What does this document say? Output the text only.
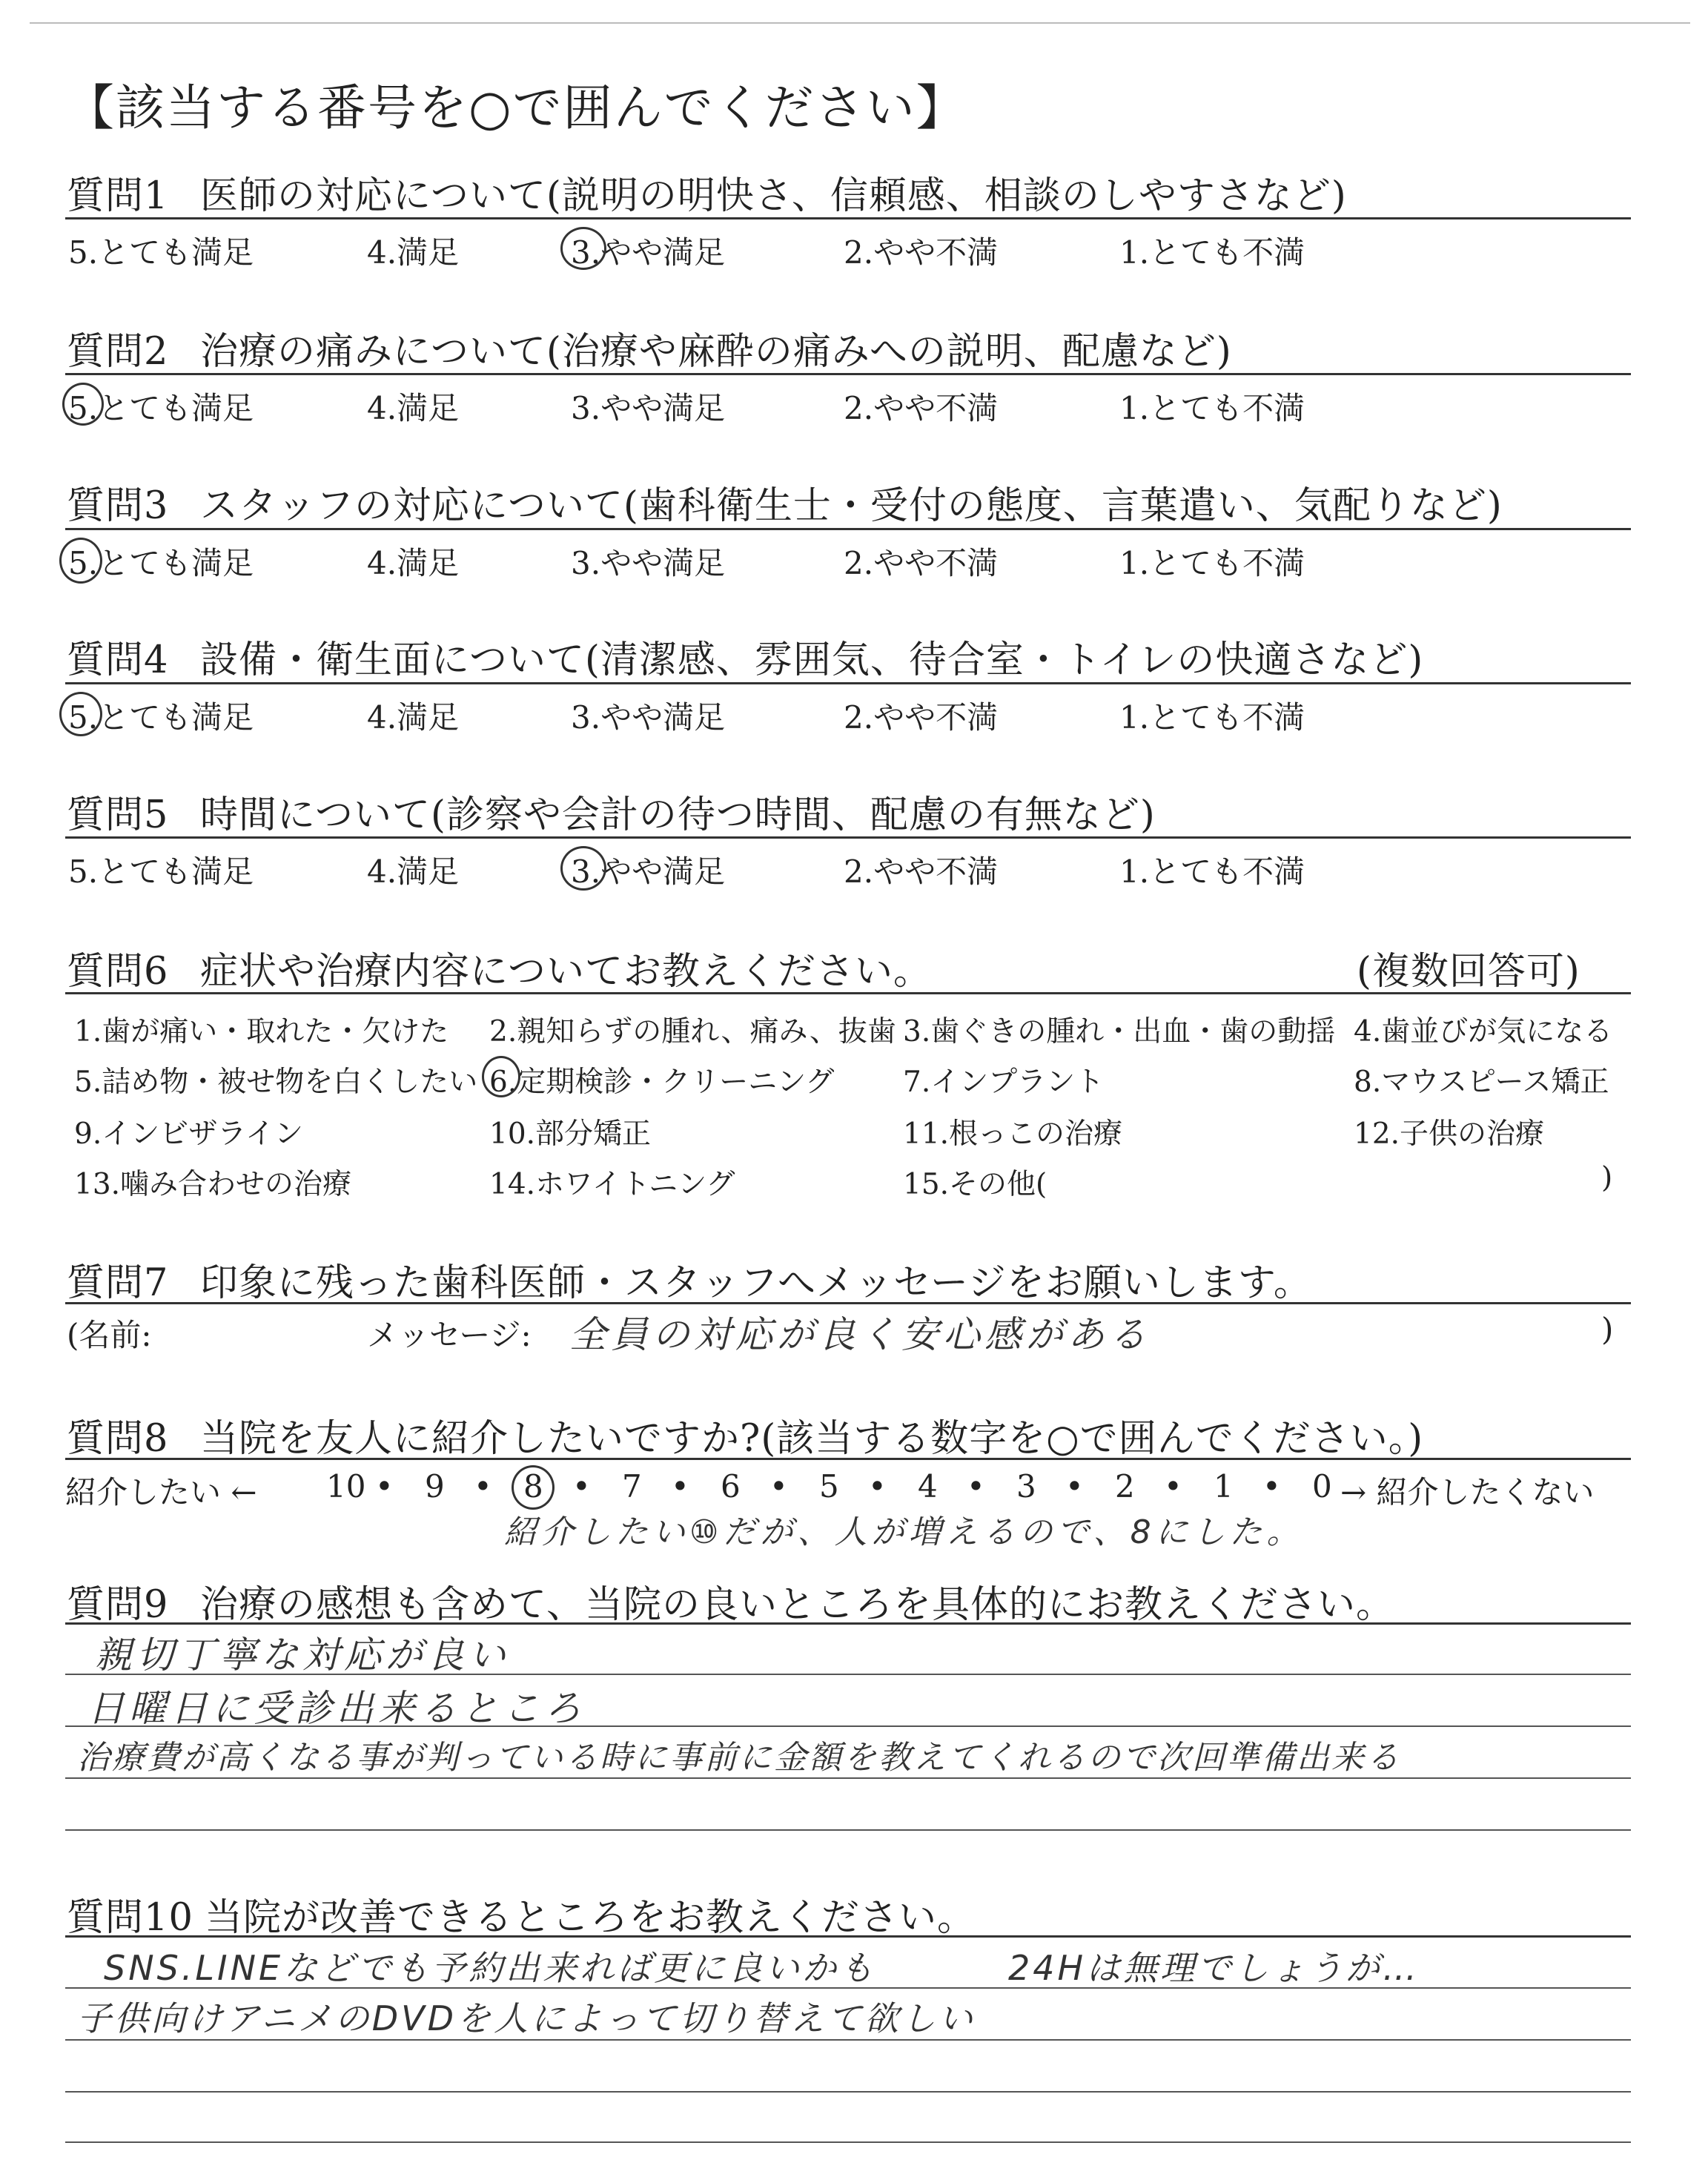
【該当する番号を○で囲んでください】
質問1 医師の対応について(説明の明快さ、信頼感、相談のしやすさなど)
5.とても満足	4.満足	3.やや満足	2.やや不満	1.とても不満
質問2 治療の痛みについて(治療や麻酔の痛みへの説明、配慮など)
5.とても満足	4.満足	3.やや満足	2.やや不満	1.とても不満
質問3 スタッフの対応について(歯科衛生士・受付の態度、言葉遣い、気配りなど)
5.とても満足	4.満足	3.やや満足	2.やや不満	1.とても不満
質問4 設備・衛生面について(清潔感、雰囲気、待合室・トイレの快適さなど)
5.とても満足	4.満足	3.やや満足	2.やや不満	1.とても不満
質問5 時間について(診察や会計の待つ時間、配慮の有無など)
5.とても満足	4.満足	3.やや満足	2.やや不満	1.とても不満
質問6 症状や治療内容についてお教えください。	(複数回答可)
1.歯が痛い・取れた・欠けた 2.親知らずの腫れ、痛み、抜歯 3.歯ぐきの腫れ・出血・歯の動揺 4.歯並びが気になる
5.詰め物・被せ物を白くしたい 6.定期検診・クリーニング 7.インプラント	8.マウスピース矯正
9.インビザライン	10.部分矯正	11.根っこの治療	12.子供の治療
13.噛み合わせの治療	14.ホワイトニング	15.その他(	)
質問7 印象に残った歯科医師・スタッフへメッセージをお願いします。
(名前:	メッセージ: 全員の対応が良く安心感がある	)
質問8 当院を友人に紹介したいですか?(該当する数字を○で囲んでください。)
紹介したい ← 10 • 9 • 8 • 7 • 6 • 5 • 4 • 3 • 2 • 1 • 0 → 紹介したくない
紹介したい⑩だが、人が増えるので、8にした。
質問9 治療の感想も含めて、当院の良いところを具体的にお教えください。
親切丁寧な対応が良い
日曜日に受診出来るところ
治療費が高くなる事が判っている時に事前に金額を教えてくれるので次回準備出来る
質問10 当院が改善できるところをお教えください。
SNS.LINEなどでも予約出来れば更に良いかも	24Hは無理でしょうが…
子供向けアニメのDVDを人によって切り替えて欲しい
